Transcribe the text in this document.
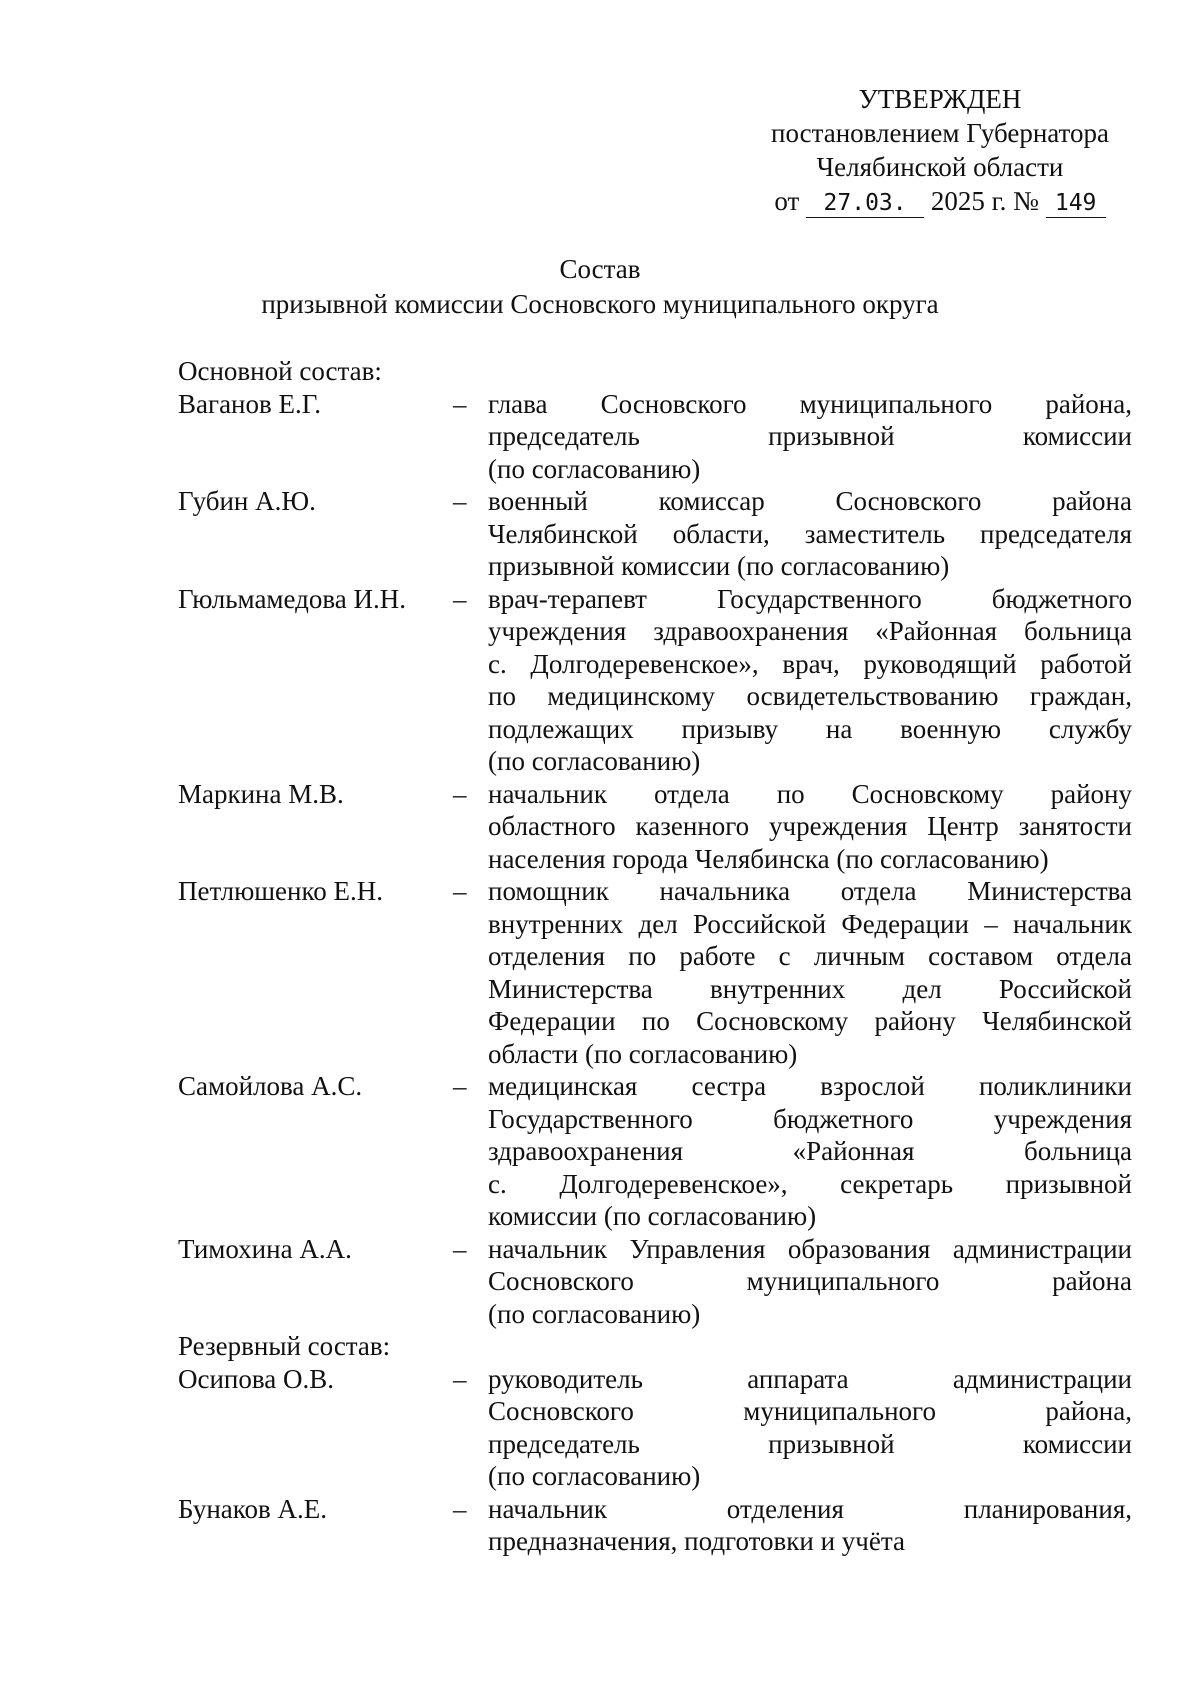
УТВЕРЖДЕН
постановлением Губернатора
Челябинской области
от 27.03. 2025 г. № 149
Состав
призывной комиссии Сосновского муниципального округа
Основной состав:
Ваганов Е.Г.	– глава Сосновского муниципального района,
председатель призывной комиссии
(по согласованию)
Губин А.Ю.	– военный комиссар Сосновского района
Челябинской области, заместитель председателя
призывной комиссии (по согласованию)
Гюльмамедова И.Н.	– врач-терапевт Государственного бюджетного
учреждения здравоохранения «Районная больница
с. Долгодеревенское», врач, руководящий работой
по медицинскому освидетельствованию граждан,
подлежащих призыву на военную службу
(по согласованию)
Маркина М.В.	– начальник отдела по Сосновскому району
областного казенного учреждения Центр занятости
населения города Челябинска (по согласованию)
Петлюшенко Е.Н.	– помощник начальника отдела Министерства
внутренних дел Российской Федерации – начальник
отделения по работе с личным составом отдела
Министерства внутренних дел Российской
Федерации по Сосновскому району Челябинской
области (по согласованию)
Самойлова А.С.	– медицинская сестра взрослой поликлиники
Государственного бюджетного учреждения
здравоохранения «Районная больница
с. Долгодеревенское», секретарь призывной
комиссии (по согласованию)
Тимохина А.А.	– начальник Управления образования администрации
Сосновского муниципального района
(по согласованию)
Резервный состав:
Осипова О.В.	– руководитель аппарата администрации
Сосновского муниципального района,
председатель призывной комиссии
(по согласованию)
Бунаков А.Е.	– начальник отделения планирования,
предназначения, подготовки и учёта
